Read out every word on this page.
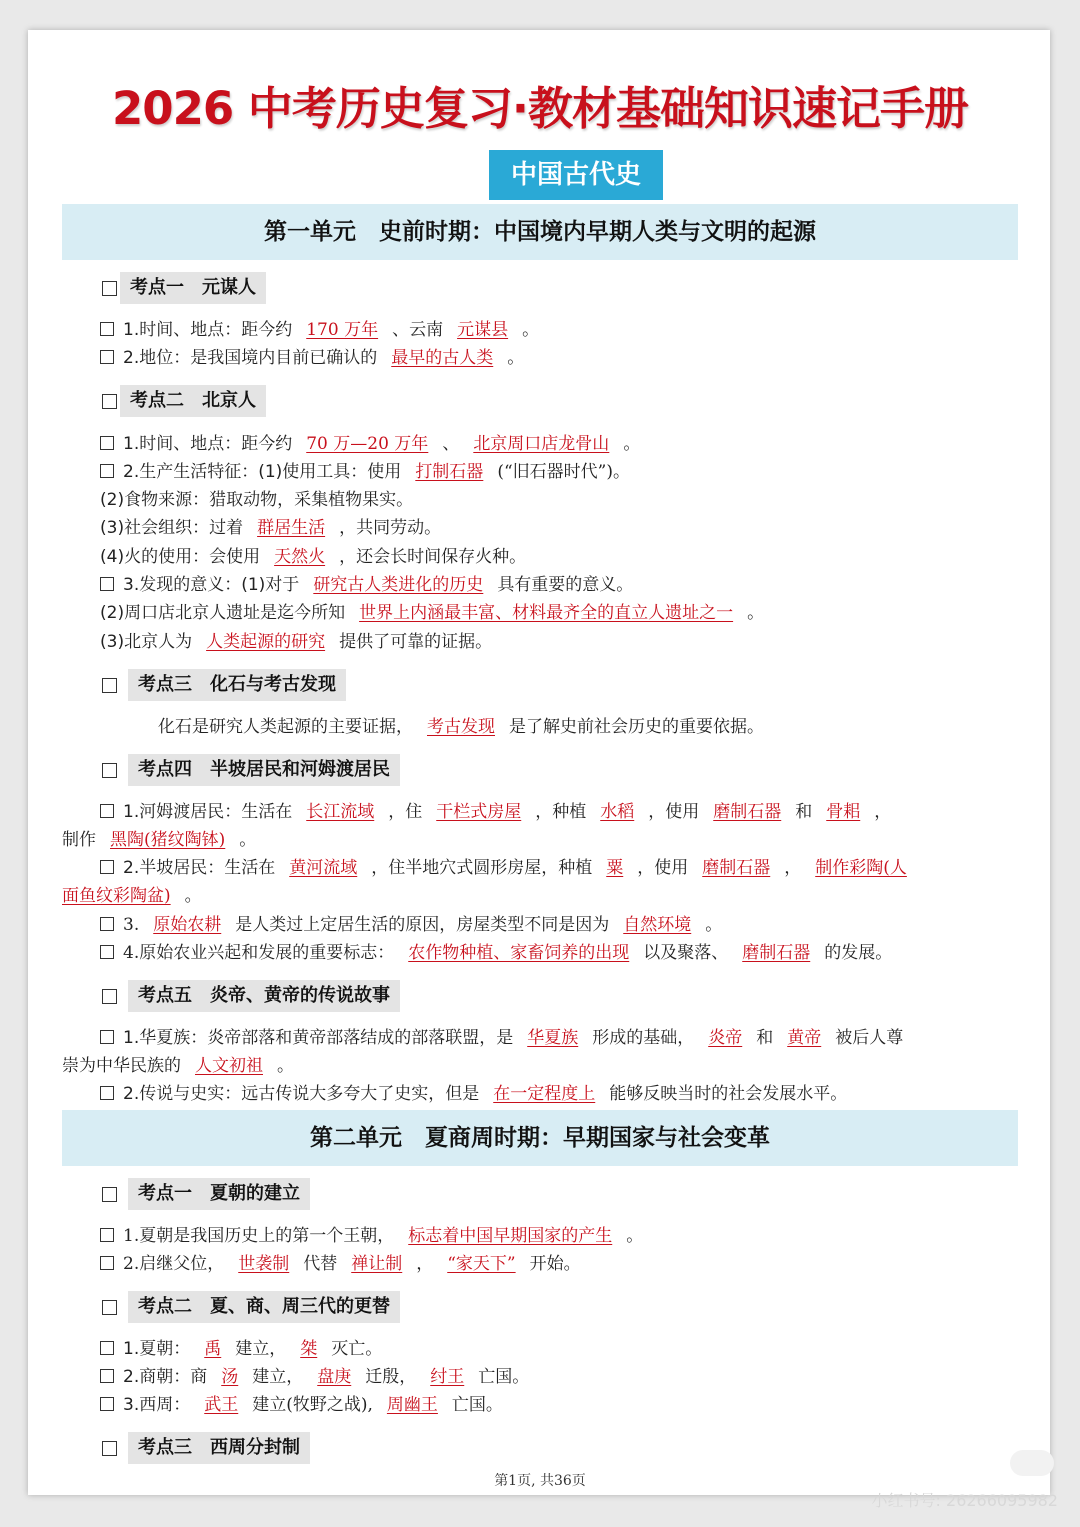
2026 中考历史复习·教材基础知识速记手册
中国古代史
第一单元　史前时期：中国境内早期人类与文明的起源
考点一　元谋人
1.时间、地点：距今约 170 万年 、云南 元谋县 。
2.地位：是我国境内目前已确认的 最早的古人类 。
考点二　北京人
1.时间、地点：距今约 70 万—20 万年 、 北京周口店龙骨山 。
2.生产生活特征：(1)使用工具：使用 打制石器 (“旧石器时代”)。
(2)食物来源：猎取动物，采集植物果实。
(3)社会组织：过着 群居生活 ，共同劳动。
(4)火的使用：会使用 天然火 ，还会长时间保存火种。
3.发现的意义：(1)对于 研究古人类进化的历史 具有重要的意义。
(2)周口店北京人遗址是迄今所知 世界上内涵最丰富、材料最齐全的直立人遗址之一 。
(3)北京人为 人类起源的研究 提供了可靠的证据。
考点三　化石与考古发现
化石是研究人类起源的主要证据， 考古发现 是了解史前社会历史的重要依据。
考点四　半坡居民和河姆渡居民
1.河姆渡居民：生活在 长江流域 ，住 干栏式房屋 ，种植 水稻 ，使用 磨制石器 和 骨耜 ，
制作 黑陶(猪纹陶钵) 。
2.半坡居民：生活在 黄河流域 ，住半地穴式圆形房屋，种植 粟 ，使用 磨制石器 ， 制作彩陶(人
面鱼纹彩陶盆) 。
3. 原始农耕 是人类过上定居生活的原因，房屋类型不同是因为 自然环境 。
4.原始农业兴起和发展的重要标志： 农作物种植、家畜饲养的出现 以及聚落、 磨制石器 的发展。
考点五　炎帝、黄帝的传说故事
1.华夏族：炎帝部落和黄帝部落结成的部落联盟，是 华夏族 形成的基础， 炎帝 和 黄帝 被后人尊
崇为中华民族的 人文初祖 。
2.传说与史实：远古传说大多夸大了史实，但是 在一定程度上 能够反映当时的社会发展水平。
第二单元　夏商周时期：早期国家与社会变革
考点一　夏朝的建立
1.夏朝是我国历史上的第一个王朝， 标志着中国早期国家的产生 。
2.启继父位， 世袭制 代替 禅让制 ， “家天下” 开始。
考点二　夏、商、周三代的更替
1.夏朝： 禹 建立， 桀 灭亡。
2.商朝：商 汤 建立， 盘庚 迁殷， 纣王 亡国。
3.西周： 武王 建立(牧野之战), 周幽王 亡国。
考点三　西周分封制
第1页, 共36页
小红书号: 26266095982
